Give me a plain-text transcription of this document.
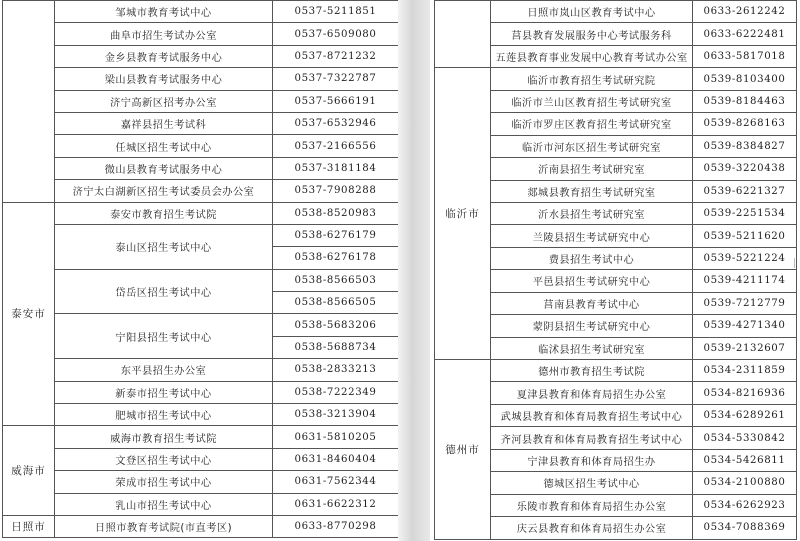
	邹城市教育考试中心	0537-5211851
	曲阜市招生考试办公室	0537-6509080
	金乡县教育考试服务中心	0537-8721232
	梁山县教育考试服务中心	0537-7322787
	济宁高新区招考办公室	0537-5666191
	嘉祥县招生考试科	0537-6532946
	任城区招生考试中心	0537-2166556
	微山县教育考试服务中心	0537-3181184
	济宁太白湖新区招生考试委员会办公室	0537-7908288
泰安市	泰安市教育招生考试院	0538-8520983
	泰山区招生考试中心	0538-6276179
		0538-6276178
	岱岳区招生考试中心	0538-8566503
		0538-8566505
	宁阳县招生考试中心	0538-5683206
		0538-5688734
	东平县招生办公室	0538-2833213
	新泰市招生考试中心	0538-7222349
	肥城市招生考试中心	0538-3213904
威海市	威海市教育招生考试院	0631-5810205
	文登区招生考试中心	0631-8460404
	荣成市招生考试中心	0631-7562344
	乳山市招生考试中心	0631-6622312
日照市	日照市教育考试院(市直考区)	0633-8770298
	日照市岚山区教育考试中心	0633-2612242
	莒县教育发展服务中心考试服务科	0633-6222481
	五莲县教育事业发展中心教育考试办公室	0633-5817018
临沂市	临沂市教育招生考试研究院	0539-8103400
	临沂市兰山区教育招生考试研究室	0539-8184463
	临沂市罗庄区教育招生考试研究室	0539-8268163
	临沂市河东区招生考试研究室	0539-8384827
	沂南县招生考试研究室	0539-3220438
	郯城县教育招生考试研究室	0539-6221327
	沂水县招生考试研究室	0539-2251534
	兰陵县招生考试研究中心	0539-5211620
	费县招生考试中心	0539-5221224
	平邑县招生考试研究中心	0539-4211174
	莒南县教育考试中心	0539-7212779
	蒙阴县招生考试研究中心	0539-4271340
	临沭县招生考试研究室	0539-2132607
德州市	德州市教育招生考试院	0534-2311859
	夏津县教育和体育局招生办公室	0534-8216936
	武城县教育和体育局教育招生考试中心	0534-6289261
	齐河县教育和体育局教育招生考试中心	0534-5330842
	宁津县教育和体育局招生办	0534-5426811
	德城区招生考试中心	0534-2100880
	乐陵市教育和体育局招生办公室	0534-6262923
	庆云县教育和体育局招生办公室	0534-7088369
